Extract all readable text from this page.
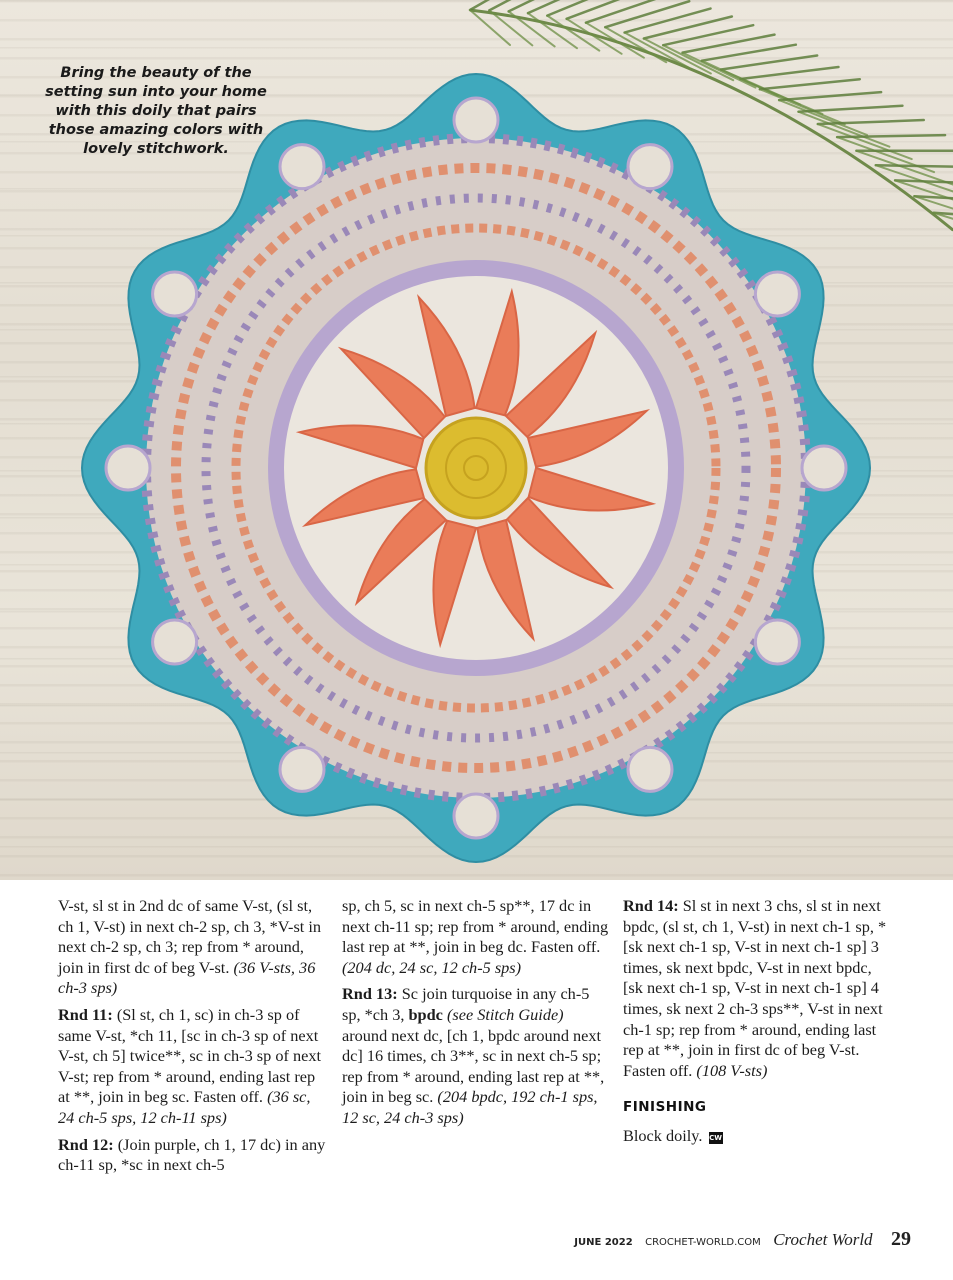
Bring the beauty of the setting sun into your home with this doily that pairs those amazing colors with lovely stitchwork.

V-st, sl st in 2nd dc of same V-st, (sl st, ch 1, V-st) in next ch-2 sp, ch 3, *V-st in next ch-2 sp, ch 3; rep from * around, join in first dc of beg V-st. (36 V-sts, 36 ch-3 sps)

Rnd 11: (Sl st, ch 1, sc) in ch-3 sp of same V-st, *ch 11, [sc in ch-3 sp of next V-st, ch 5] twice**, sc in ch-3 sp of next V-st; rep from * around, ending last rep at **, join in beg sc. Fasten off. (36 sc, 24 ch-5 sps, 12 ch-11 sps)

Rnd 12: (Join purple, ch 1, 17 dc) in any ch-11 sp, *sc in next ch-5

sp, ch 5, sc in next ch-5 sp**, 17 dc in next ch-11 sp; rep from * around, ending last rep at **, join in beg dc. Fasten off. (204 dc, 24 sc, 12 ch-5 sps)

Rnd 13: Sc join turquoise in any ch-5 sp, *ch 3, bpdc (see Stitch Guide) around next dc, [ch 1, bpdc around next dc] 16 times, ch 3**, sc in next ch-5 sp; rep from * around, ending last rep at **, join in beg sc. (204 bpdc, 192 ch-1 sps, 12 sc, 24 ch-3 sps)

Rnd 14: Sl st in next 3 chs, sl st in next bpdc, (sl st, ch 1, V-st) in next ch-1 sp, *[sk next ch-1 sp, V-st in next ch-1 sp] 3 times, sk next bpdc, V-st in next bpdc, [sk next ch-1 sp, V-st in next ch-1 sp] 4 times, sk next 2 ch-3 sps**, V-st in next ch-1 sp; rep from * around, ending last rep at **, join in first dc of beg V-st. Fasten off. (108 V-sts)

FINISHING

Block doily. CW

JUNE 2022 CROCHET-WORLD.COM Crochet World 29
